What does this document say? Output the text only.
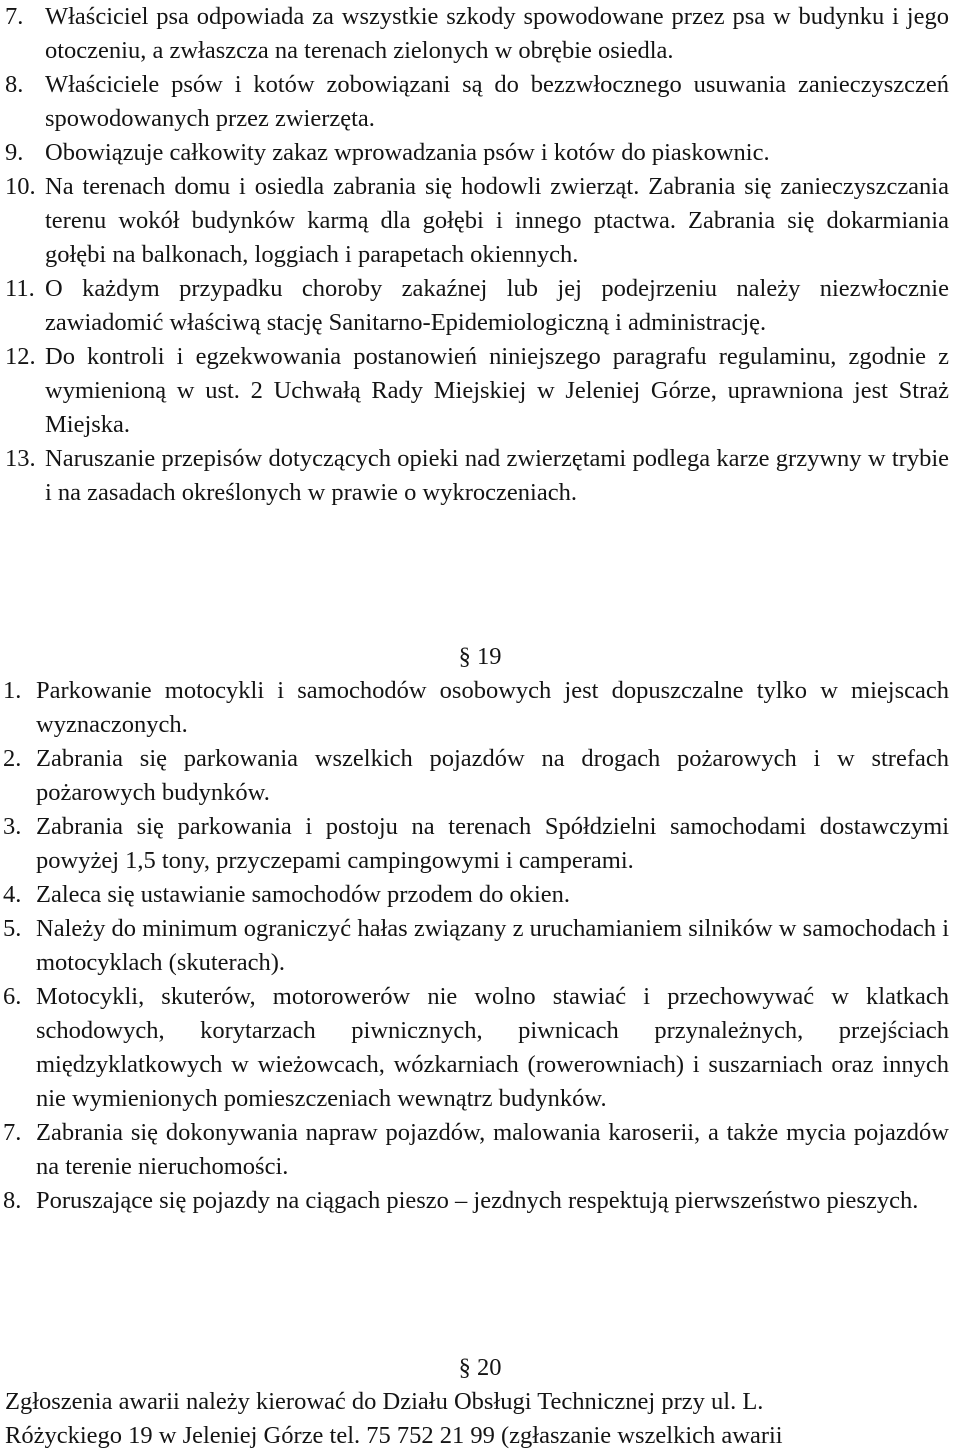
7. Właściciel psa odpowiada za wszystkie szkody spowodowane przez psa w budynku i jego otoczeniu, a zwłaszcza na terenach zielonych w obrębie osiedla.
8. Właściciele psów i kotów zobowiązani są do bezzwłocznego usuwania zanieczyszczeń spowodowanych przez zwierzęta.
9. Obowiązuje całkowity zakaz wprowadzania psów i kotów do piaskownic.
10. Na terenach domu i osiedla zabrania się hodowli zwierząt. Zabrania się zanieczyszczania terenu wokół budynków karmą dla gołębi i innego ptactwa. Zabrania się dokarmiania gołębi na balkonach, loggiach i parapetach okiennych.
11. O każdym przypadku choroby zakaźnej lub jej podejrzeniu należy niezwłocznie zawiadomić właściwą stację Sanitarno-Epidemiologiczną i administrację.
12. Do kontroli i egzekwowania postanowień niniejszego paragrafu regulaminu, zgodnie z wymienioną w ust. 2 Uchwałą Rady Miejskiej w Jeleniej Górze, uprawniona jest Straż Miejska.
13. Naruszanie przepisów dotyczących opieki nad zwierzętami podlega karze grzywny w trybie i na zasadach określonych w prawie o wykroczeniach.
§ 19
1. Parkowanie motocykli i samochodów osobowych jest dopuszczalne tylko w miejscach wyznaczonych.
2. Zabrania się parkowania wszelkich pojazdów na drogach pożarowych i w strefach pożarowych budynków.
3. Zabrania się parkowania i postoju na terenach Spółdzielni samochodami dostawczymi powyżej 1,5 tony, przyczepami campingowymi i camperami.
4. Zaleca się ustawianie samochodów przodem do okien.
5. Należy do minimum ograniczyć hałas związany z uruchamianiem silników w samochodach i motocyklach (skuterach).
6. Motocykli, skuterów, motorowerów nie wolno stawiać i przechowywać w klatkach schodowych, korytarzach piwnicznych, piwnicach przynależnych, przejściach międzyklatkowych w wieżowcach, wózkarniach (rowerowniach) i suszarniach oraz innych nie wymienionych pomieszczeniach wewnątrz budynków.
7. Zabrania się dokonywania napraw pojazdów, malowania karoserii, a także mycia pojazdów na terenie nieruchomości.
8. Poruszające się pojazdy na ciągach pieszo – jezdnych respektują pierwszeństwo pieszych.
§ 20
Zgłoszenia awarii należy kierować do Działu Obsługi Technicznej przy ul. L.
Różyckiego 19 w Jeleniej Górze tel. 75 752 21 99 (zgłaszanie wszelkich awarii
